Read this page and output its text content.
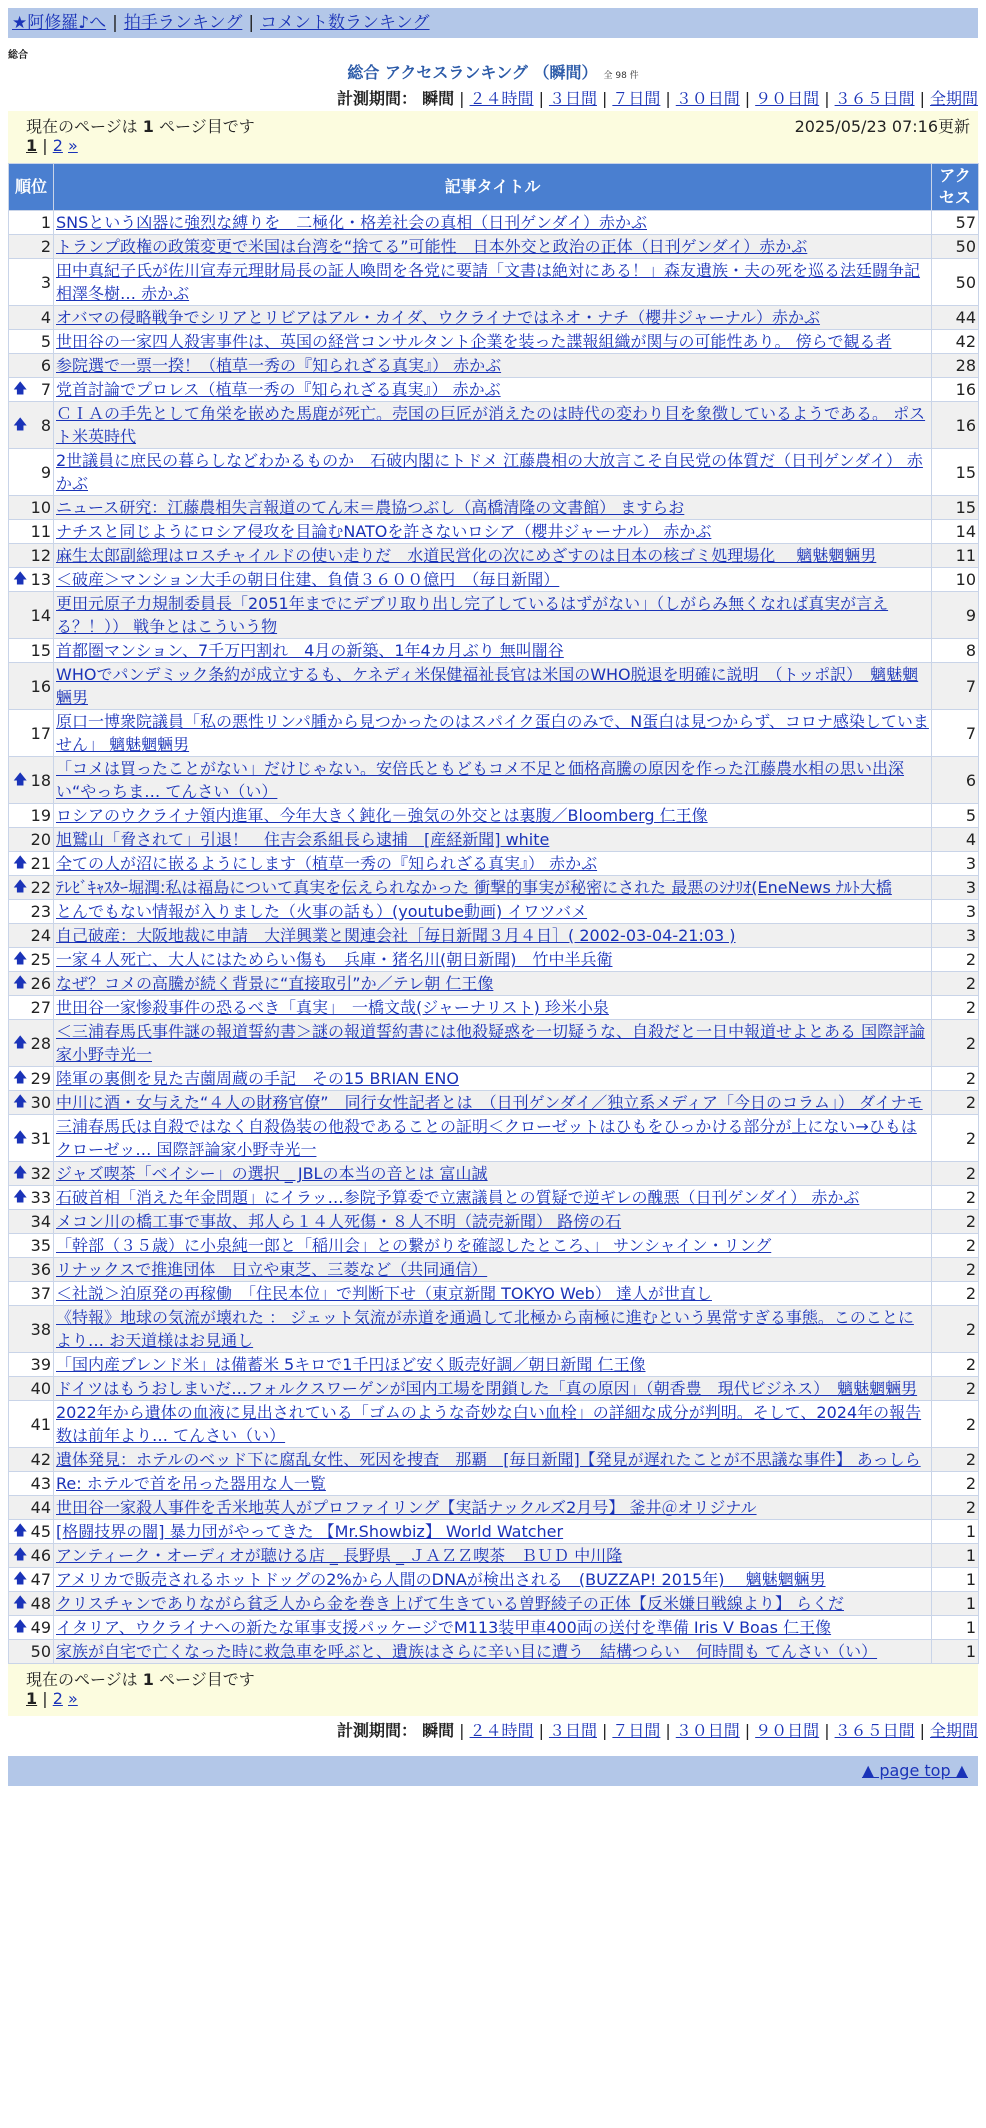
★阿修羅♪へ | 拍手ランキング | コメント数ランキング
総合
総合 アクセスランキング （瞬間） 全 98 件
計測期間： 瞬間 | ２４時間 | ３日間 | ７日間 | ３０日間 | ９０日間 | ３６５日間 | 全期間
現在のページは 1 ページ目です	2025/05/23 07:16更新
1 | 2 »
順位	記事タイトル	アクセス
1	SNSという凶器に強烈な縛りを　二極化・格差社会の真相（日刊ゲンダイ）赤かぶ	57
2	トランプ政権の政策変更で米国は台湾を“捨てる”可能性　日本外交と政治の正体（日刊ゲンダイ）赤かぶ	50
3	田中真紀子氏が佐川宣寿元理財局長の証人喚問を各党に要請「文書は絶対にある！」森友遺族・夫の死を巡る法廷闘争記 相澤冬樹… 赤かぶ	50
4	オバマの侵略戦争でシリアとリビアはアル・カイダ、ウクライナではネオ・ナチ（櫻井ジャーナル）赤かぶ	44
5	世田谷の一家四人殺害事件は、英国の経営コンサルタント企業を装った諜報組織が関与の可能性あり。 傍らで観る者	42
6	参院選で一票一揆！（植草一秀の『知られざる真実』） 赤かぶ	28

🡅 7	党首討論でプロレス（植草一秀の『知られざる真実』） 赤かぶ	16

🡅 8	ＣＩＡの手先として角栄を嵌めた馬鹿が死亡。売国の巨匠が消えたのは時代の変わり目を象徴しているようである。 ポスト米英時代	16
9	2世議員に庶民の暮らしなどわかるものか　石破内閣にトドメ 江藤農相の大放言こそ自民党の体質だ（日刊ゲンダイ） 赤かぶ	15
10	ニュース研究：江藤農相失言報道のてん末＝農協つぶし（高橋清隆の文書館） ますらお	15
11	ナチスと同じようにロシア侵攻を目論むNATOを許さないロシア（櫻井ジャーナル） 赤かぶ	14
12	麻生太郎副総理はロスチャイルドの使い走りだ　水道民営化の次にめざすのは日本の核ゴミ処理場化　 魑魅魍魎男	11

🡅 13	＜破産＞マンション大手の朝日住建、負債３６００億円　（毎日新聞）	10
14	更田元原子力規制委員長「2051年までにデブリ取り出し完了しているはずがない」（しがらみ無くなれば真実が言える？！）） 戦争とはこういう物	9
15	首都圏マンション、7千万円割れ　4月の新築、1年4カ月ぶり 無叫闇谷	8
16	WHOでパンデミック条約が成立するも、ケネディ米保健福祉長官は米国のWHO脱退を明確に説明　（トッポ訳）　魑魅魍魎男	7
17	原口一博衆院議員「私の悪性リンパ腫から見つかったのはスパイク蛋白のみで、N蛋白は見つからず、コロナ感染していません」 魑魅魍魎男	7

🡅 18	「コメは買ったことがない」だけじゃない。安倍氏ともどもコメ不足と価格高騰の原因を作った江藤農水相の思い出深い“やっちま… てんさい（い）	6
19	ロシアのウクライナ領内進軍、今年大きく鈍化－強気の外交とは裏腹／Bloomberg 仁王像	5
20	旭鷲山「脅されて」引退！　住吉会系組長ら逮捕　[産経新聞] white	4

🡅 21	全ての人が沼に嵌るようにします（植草一秀の『知られざる真実』） 赤かぶ	3

🡅 22	ﾃﾚﾋﾞｷｬｽﾀｰ堀潤:私は福島について真実を伝えられなかった 衝撃的事実が秘密にされた 最悪のｼﾅﾘｵ(EneNews ﾅﾙﾄ大橋	3
23	とんでもない情報が入りました（火事の話も）(youtube動画) イワツバメ	3
24	自己破産：大阪地裁に申請　大洋興業と関連会社［毎日新聞３月４日］( 2002-03-04-21:03 )	3

🡅 25	一家４人死亡、大人にはためらい傷も　兵庫・猪名川(朝日新聞)　竹中半兵衛	2

🡅 26	なぜ？コメの高騰が続く背景に“直接取引”か／テレ朝 仁王像	2
27	世田谷一家惨殺事件の恐るべき「真実」　一橋文哉(ジャーナリスト) 珍米小泉	2

🡅 28	＜三浦春馬氏事件謎の報道誓約書＞謎の報道誓約書には他殺疑惑を一切疑うな、自殺だと一日中報道せよとある 国際評論家小野寺光一	2

🡅 29	陸軍の裏側を見た吉薗周蔵の手記　その15 BRIAN ENO	2

🡅 30	中川に酒・女与えた“４人の財務官僚”　同行女性記者とは　（日刊ゲンダイ／独立系メディア「今日のコラム」） ダイナモ	2

🡅 31	三浦春馬氏は自殺ではなく自殺偽装の他殺であることの証明＜クローゼットはひもをひっかける部分が上にない→ひもはクローゼッ… 国際評論家小野寺光一	2

🡅 32	ジャズ喫茶「ベイシー」の選択 _ JBLの本当の音とは 富山誠	2

🡅 33	石破首相「消えた年金問題」にイラッ…参院予算委で立憲議員との質疑で逆ギレの醜悪（日刊ゲンダイ） 赤かぶ	2
34	メコン川の橋工事で事故、邦人ら１４人死傷・８人不明（読売新聞） 路傍の石	2
35	「幹部（３５歳）に小泉純一郎と「稲川会」との繋がりを確認したところ、」 サンシャイン・リング	2
36	リナックスで推進団体　日立や東芝、三菱など（共同通信）	2
37	＜社説＞泊原発の再稼働　「住民本位」で判断下せ（東京新聞 TOKYO Web） 達人が世直し	2
38	《特報》地球の気流が壊れた ： ジェット気流が赤道を通過して北極から南極に進むという異常すぎる事態。このことにより… お天道様はお見通し	2
39	「国内産ブレンド米」は備蓄米 5キロで1千円ほど安く販売好調／朝日新聞 仁王像	2
40	ドイツはもうおしまいだ…フォルクスワーゲンが国内工場を閉鎖した「真の原因」（朝香豊　現代ビジネス）　魑魅魍魎男	2
41	2022年から遺体の血液に見出されている「ゴムのような奇妙な白い血栓」の詳細な成分が判明。そして、2024年の報告数は前年より… てんさい（い）	2
42	遺体発見：ホテルのベッド下に腐乱女性、死因を捜査　那覇　[毎日新聞]【発見が遅れたことが不思議な事件】 あっしら	2
43	Re: ホテルで首を吊った器用な人一覧	2
44	世田谷一家殺人事件を舌米地英人がプロファイリング【実話ナックルズ2月号】 釜井＠オリジナル	2

🡅 45	[格闘技界の闇] 暴力団がやってきた 【Mr.Showbiz】 World Watcher	1

🡅 46	アンティーク・オーディオが聴ける店 _ 長野県 _ ＪＡＺＺ喫茶　ＢＵＤ 中川隆	1

🡅 47	アメリカで販売されるホットドッグの2%から人間のDNAが検出される　(BUZZAP! 2015年)　 魑魅魍魎男	1

🡅 48	クリスチャンでありながら貧乏人から金を巻き上げて生きている曽野綾子の正体【反米嫌日戦線より】 らくだ	1

🡅 49	イタリア、ウクライナへの新たな軍事支援パッケージでM113装甲車400両の送付を準備 Iris V Boas 仁王像	1
50	家族が自宅で亡くなった時に救急車を呼ぶと、遺族はさらに辛い目に遭う　結構つらい　何時間も てんさい（い）	1
計測期間： 瞬間 | ２４時間 | ３日間 | ７日間 | ３０日間 | ９０日間 | ３６５日間 | 全期間
現在のページは 1 ページ目です
1 | 2 »
▲ page top ▲
